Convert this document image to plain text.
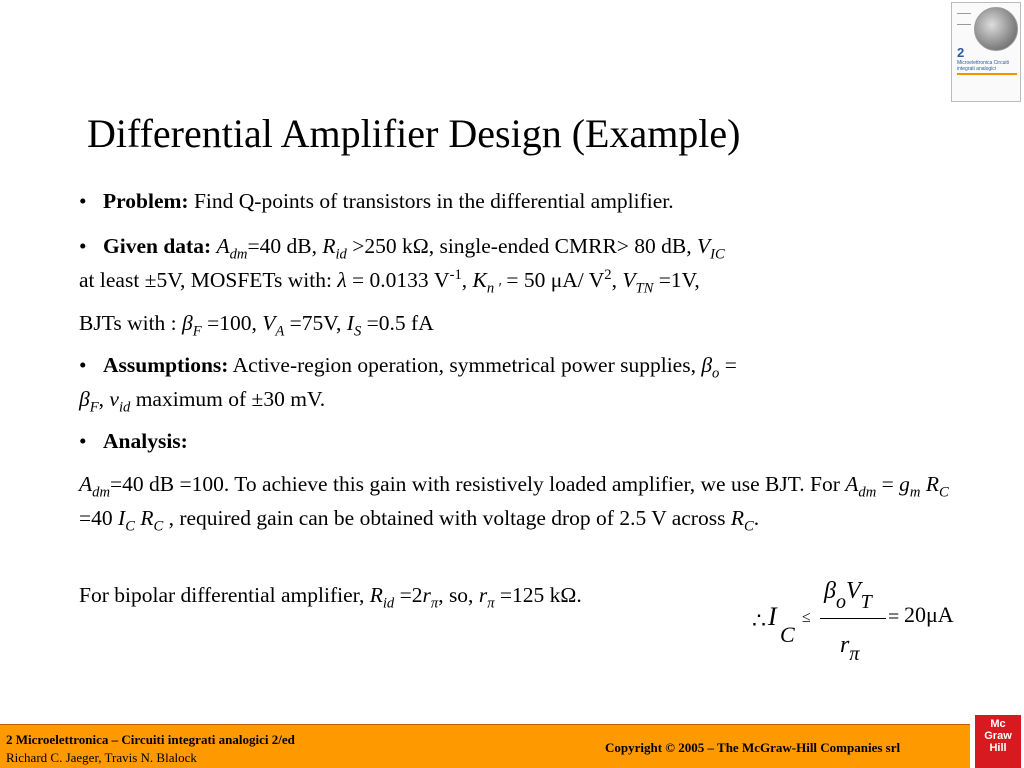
2
Microelettronica Circuiti integrati analogici
Differential Amplifier Design (Example)
• Problem: Find Q-points of transistors in the differential amplifier.
• Given data: $A_{dm}=40$ dB, $R_{id} >250$ kΩ, single-ended CMRR> 80 dB, $V_{IC}$
at least ±5V, MOSFETs with: λ = 0.0133 $V^{-1}$, $K_{n '} = 50$ μA/ $V^2$, $V_{TN} =1V$,
BJTs with : $\beta_F =100$, $V_A =75V$, $I_S =0.5$ fA
• Assumptions: Active-region operation, symmetrical power supplies, $\beta_o$ =
$\beta_F$, $v_{id}$ maximum of ±30 mV.
• Analysis:
$A_{dm}=40$ dB =100. To achieve this gain with resistively loaded amplifier, we use BJT. For $A_{dm} = g_m$ $R_C =40$ $I_C$ $R_C$ , required gain can be obtained with voltage drop of 2.5 V across $R_C$.
For bipolar differential amplifier, $R_{id} =2r_\pi$, so, $r_\pi =125$ kΩ.
∴ I
C
≤
$\beta_oV_T$
$r_\pi$
= 20μA
2 Microelettronica – Circuiti integrati analogici 2/ed
Richard C. Jaeger, Travis N. Blalock
Copyright © 2005 – The McGraw-Hill Companies srl
Mc
Graw
Hill
